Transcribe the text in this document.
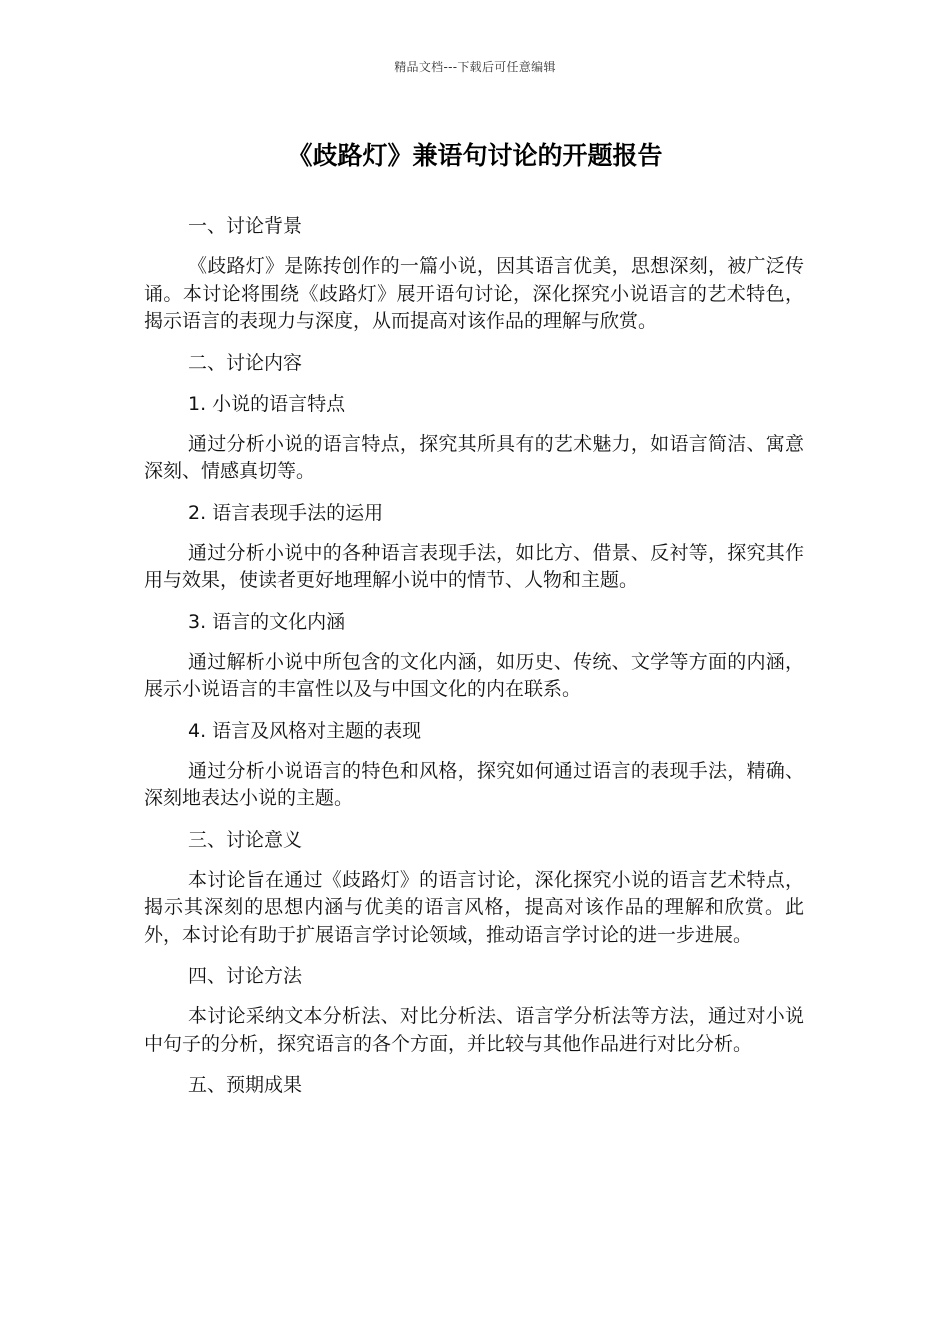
精品文档---下载后可任意编辑
《歧路灯》兼语句讨论的开题报告

一、讨论背景

《歧路灯》是陈抟创作的一篇小说，因其语言优美，思想深刻，被广泛传诵。本讨论将围绕《歧路灯》展开语句讨论，深化探究小说语言的艺术特色，揭示语言的表现力与深度，从而提高对该作品的理解与欣赏。

二、讨论内容

1. 小说的语言特点

通过分析小说的语言特点，探究其所具有的艺术魅力，如语言简洁、寓意深刻、情感真切等。

2. 语言表现手法的运用

通过分析小说中的各种语言表现手法，如比方、借景、反衬等，探究其作用与效果，使读者更好地理解小说中的情节、人物和主题。

3. 语言的文化内涵

通过解析小说中所包含的文化内涵，如历史、传统、文学等方面的内涵，展示小说语言的丰富性以及与中国文化的内在联系。

4. 语言及风格对主题的表现

通过分析小说语言的特色和风格，探究如何通过语言的表现手法，精确、深刻地表达小说的主题。

三、讨论意义

本讨论旨在通过《歧路灯》的语言讨论，深化探究小说的语言艺术特点，揭示其深刻的思想内涵与优美的语言风格，提高对该作品的理解和欣赏。此外，本讨论有助于扩展语言学讨论领域，推动语言学讨论的进一步进展。

四、讨论方法

本讨论采纳文本分析法、对比分析法、语言学分析法等方法，通过对小说中句子的分析，探究语言的各个方面，并比较与其他作品进行对比分析。

五、预期成果
